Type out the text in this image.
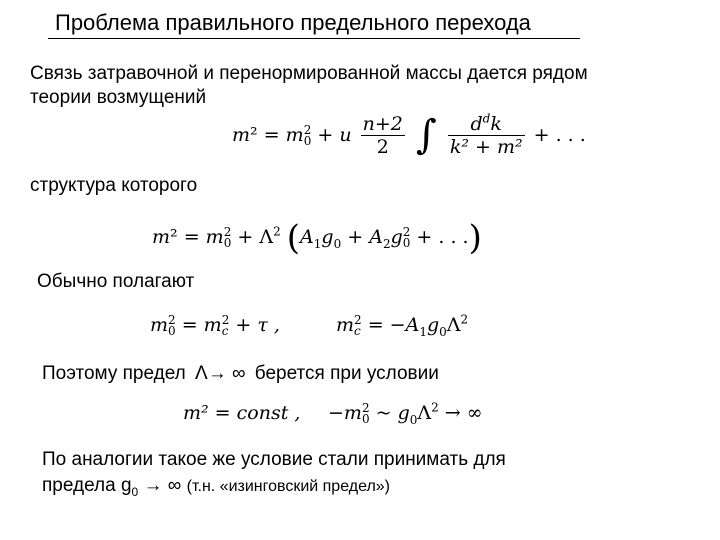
Проблема правильного предельного перехода
Связь затравочной и перенормированной массы дается рядом
теории возмущений
m² = m 2
0 + u $\frac{n+2}{2}$ ∫ $\frac{d^dk}{\text{k² + m²}}$ + . . .
структура которого
m² = m 2
$0 + \Lambda^2$ ($A_1g_0 + A_2g$ 2
0 + . . .)
Обычно полагают
m 2
0 = m 2
c + τ ,	m 2
$c = -A_1g_0\Lambda^2$
Поэтому предел Λ→ ∞ берется при условии
m² = const , −m 2
0 ~ $g_0\Lambda^2$ → ∞
По аналогии такое же условие стали принимать для
предела $g_0$ → ∞ (т.н. «изинговский предел»)
